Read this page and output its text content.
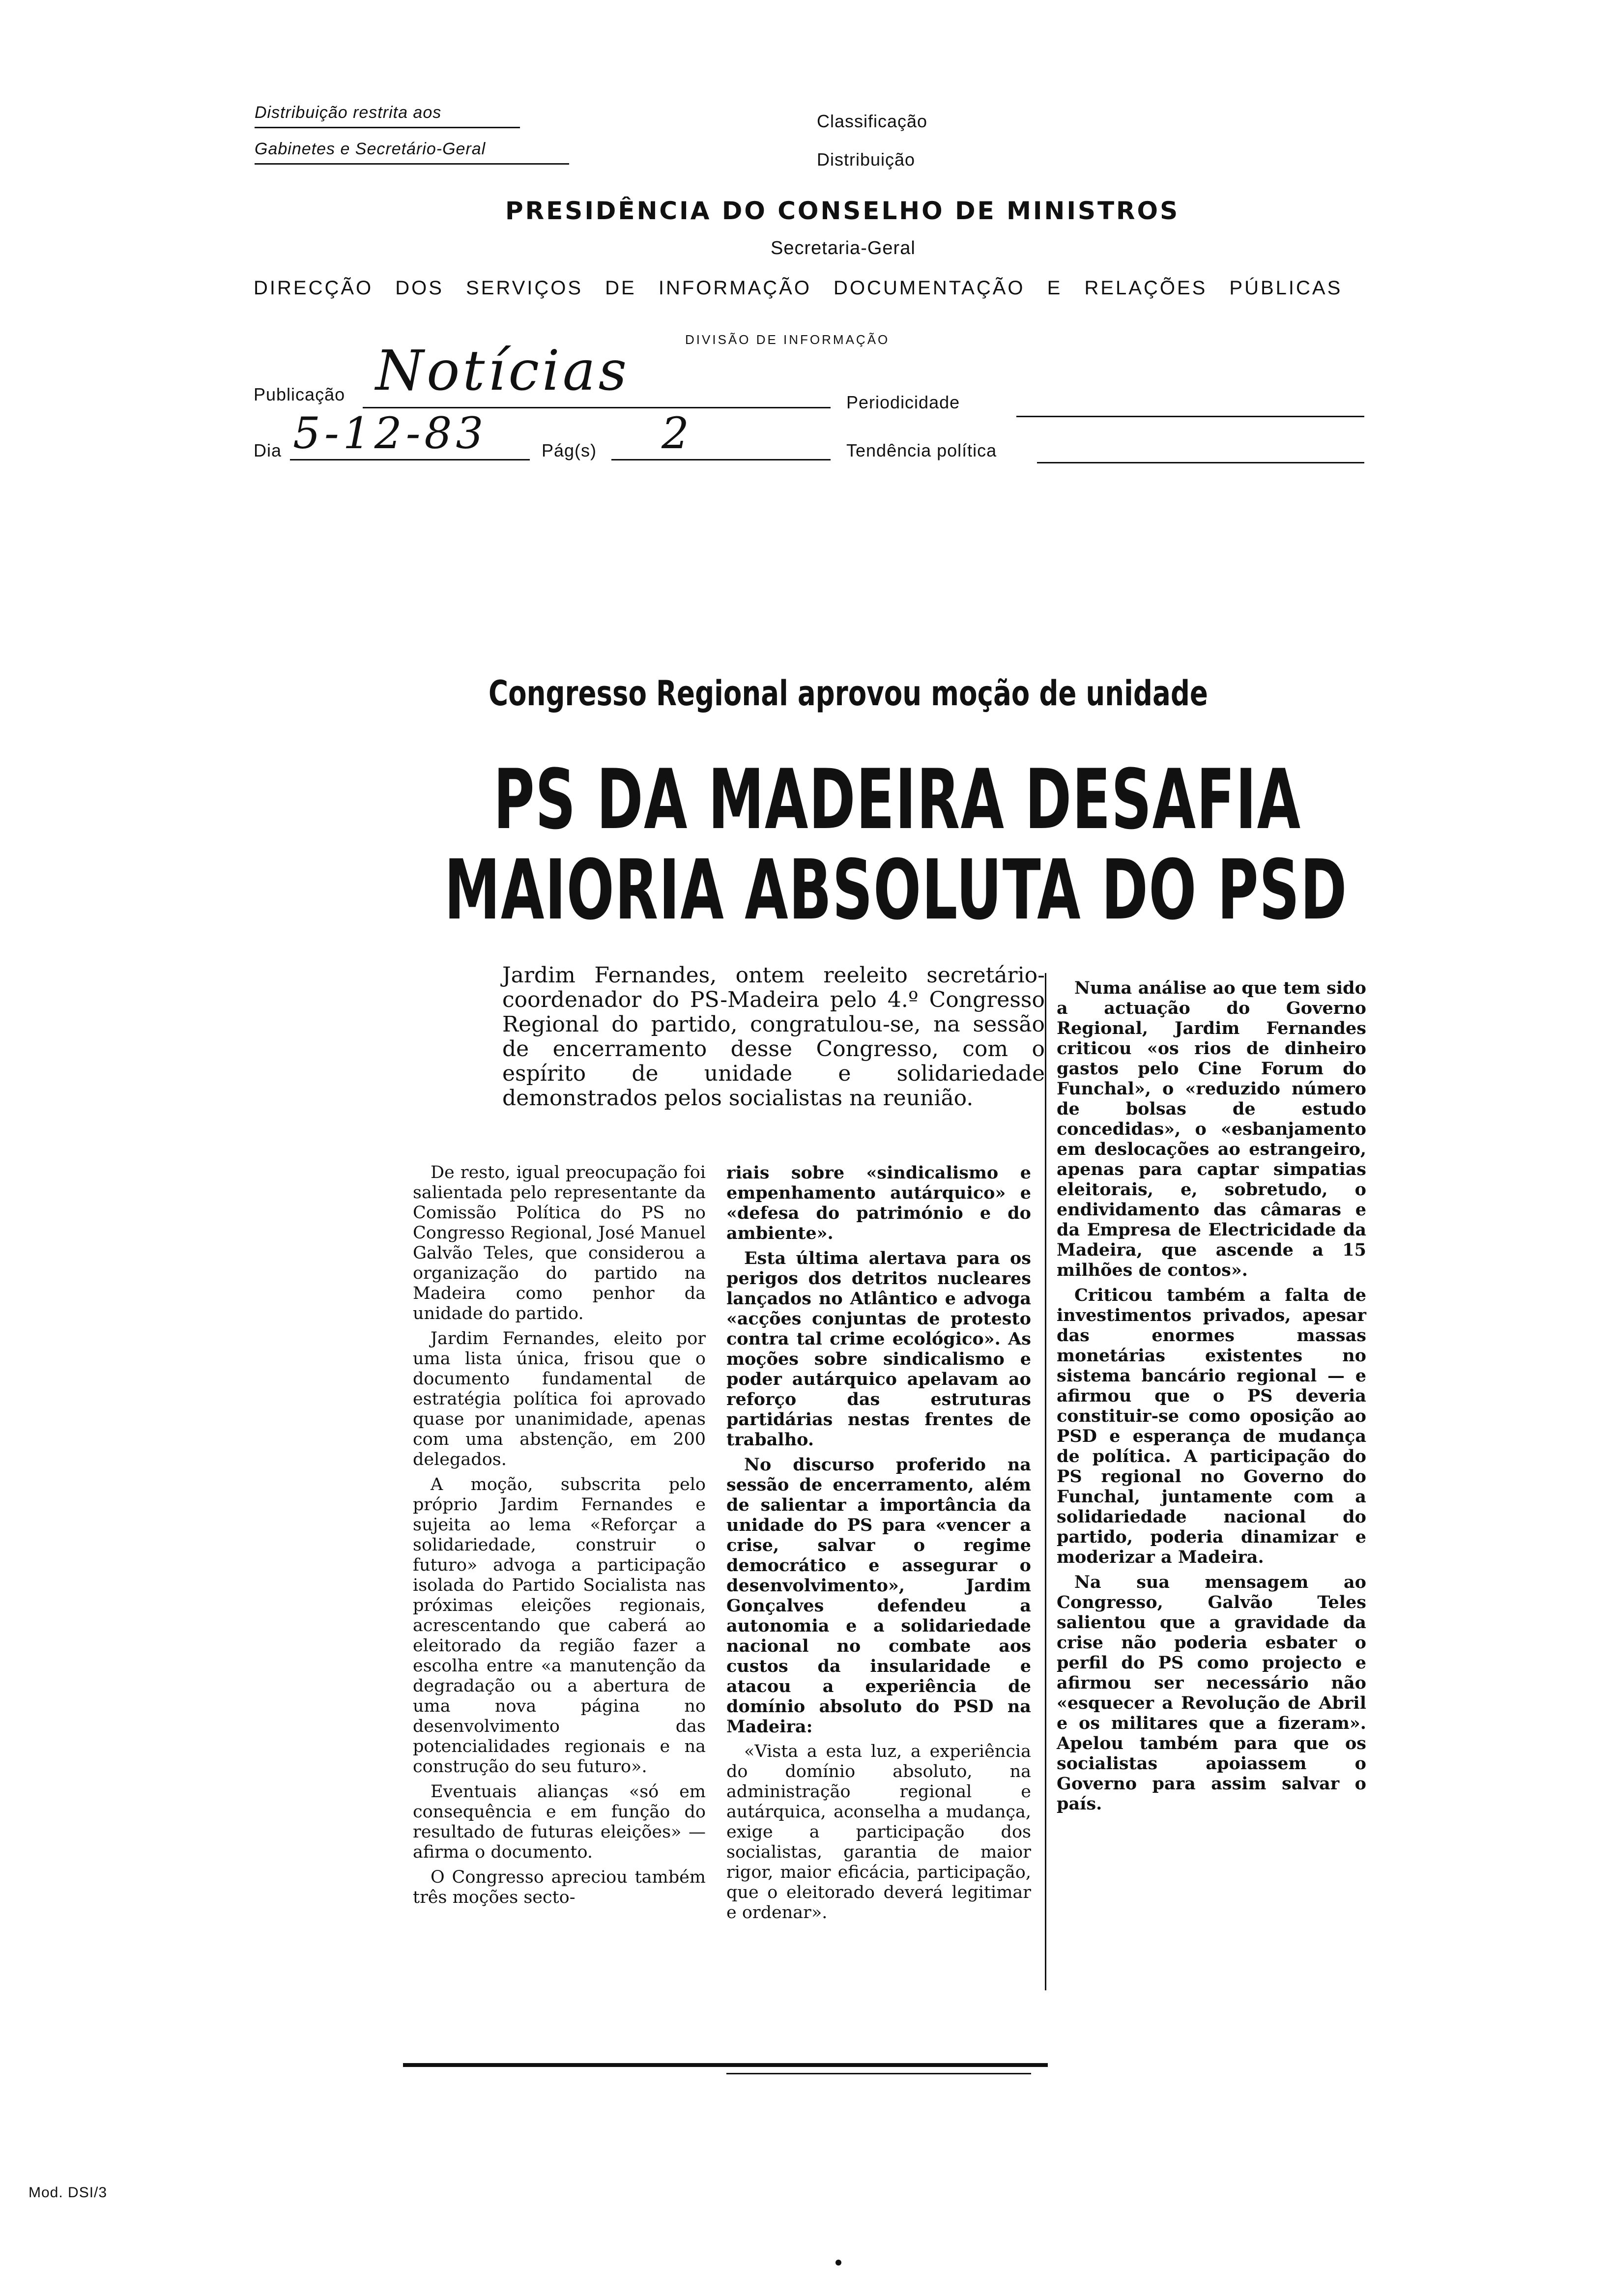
Distribuição restrita aos
Gabinetes e Secretário-Geral
Classificação
Distribuição
PRESIDÊNCIA DO CONSELHO DE MINISTROS
Secretaria-Geral
DIRECÇÃO DOS SERVIÇOS DE INFORMAÇÃO DOCUMENTAÇÃO E RELAÇÕES PÚBLICAS
DIVISÃO DE INFORMAÇÃO
Publicação Notícias	Periodicidade
Dia 5-12-83	Pág(s) 2	Tendência política
Congresso Regional aprovou moção de unidade
PS DA MADEIRA DESAFIA
MAIORIA ABSOLUTA DO PSD
Jardim Fernandes, ontem reeleito secretário-coordenador do PS-Madeira pelo 4.º Congresso Regional do partido, congratulou-se, na sessão de encerramento desse Congresso, com o espírito de unidade e solidariedade demonstrados pelos socialistas na reunião.

De resto, igual preocupação foi salientada pelo representante da Comissão Política do PS no Congresso Regional, José Manuel Galvão Teles, que considerou a organização do partido na Madeira como penhor da unidade do partido.

Jardim Fernandes, eleito por uma lista única, frisou que o documento fundamental de estratégia política foi aprovado quase por unanimidade, apenas com uma abstenção, em 200 delegados.

A moção, subscrita pelo próprio Jardim Fernandes e sujeita ao lema «Reforçar a solidariedade, construir o futuro» advoga a participação isolada do Partido Socialista nas próximas eleições regionais, acrescentando que caberá ao eleitorado da região fazer a escolha entre «a manutenção da degradação ou a abertura de uma nova página no desenvolvimento das potencialidades regionais e na construção do seu futuro».

Eventuais alianças «só em consequência e em função do resultado de futuras eleições» — afirma o documento.

O Congresso apreciou também três moções secto-

riais sobre «sindicalismo e empenhamento autárquico» e «defesa do património e do ambiente».

Esta última alertava para os perigos dos detritos nucleares lançados no Atlântico e advoga «acções conjuntas de protesto contra tal crime ecológico». As moções sobre sindicalismo e poder autárquico apelavam ao reforço das estruturas partidárias nestas frentes de trabalho.

No discurso proferido na sessão de encerramento, além de salientar a importância da unidade do PS para «vencer a crise, salvar o regime democrático e assegurar o desenvolvimento», Jardim Gonçalves defendeu a autonomia e a solidariedade nacional no combate aos custos da insularidade e atacou a experiência de domínio absoluto do PSD na Madeira:

«Vista a esta luz, a experiência do domínio absoluto, na administração regional e autárquica, aconselha a mudança, exige a participação dos socialistas, garantia de maior rigor, maior eficácia, participação, que o eleitorado deverá legitimar e ordenar».

Numa análise ao que tem sido a actuação do Governo Regional, Jardim Fernandes criticou «os rios de dinheiro gastos pelo Cine Forum do Funchal», o «reduzido número de bolsas de estudo concedidas», o «esbanjamento em deslocações ao estrangeiro, apenas para captar simpatias eleitorais, e, sobretudo, o endividamento das câmaras e da Empresa de Electricidade da Madeira, que ascende a 15 milhões de contos».

Criticou também a falta de investimentos privados, apesar das enormes massas monetárias existentes no sistema bancário regional — e afirmou que o PS deveria constituir-se como oposição ao PSD e esperança de mudança de política. A participação do PS regional no Governo do Funchal, juntamente com a solidariedade nacional do partido, poderia dinamizar e moderizar a Madeira.

Na sua mensagem ao Congresso, Galvão Teles salientou que a gravidade da crise não poderia esbater o perfil do PS como projecto e afirmou ser necessário não «esquecer a Revolução de Abril e os militares que a fizeram». Apelou também para que os socialistas apoiassem o Governo para assim salvar o país.

Mod. DSI/3
